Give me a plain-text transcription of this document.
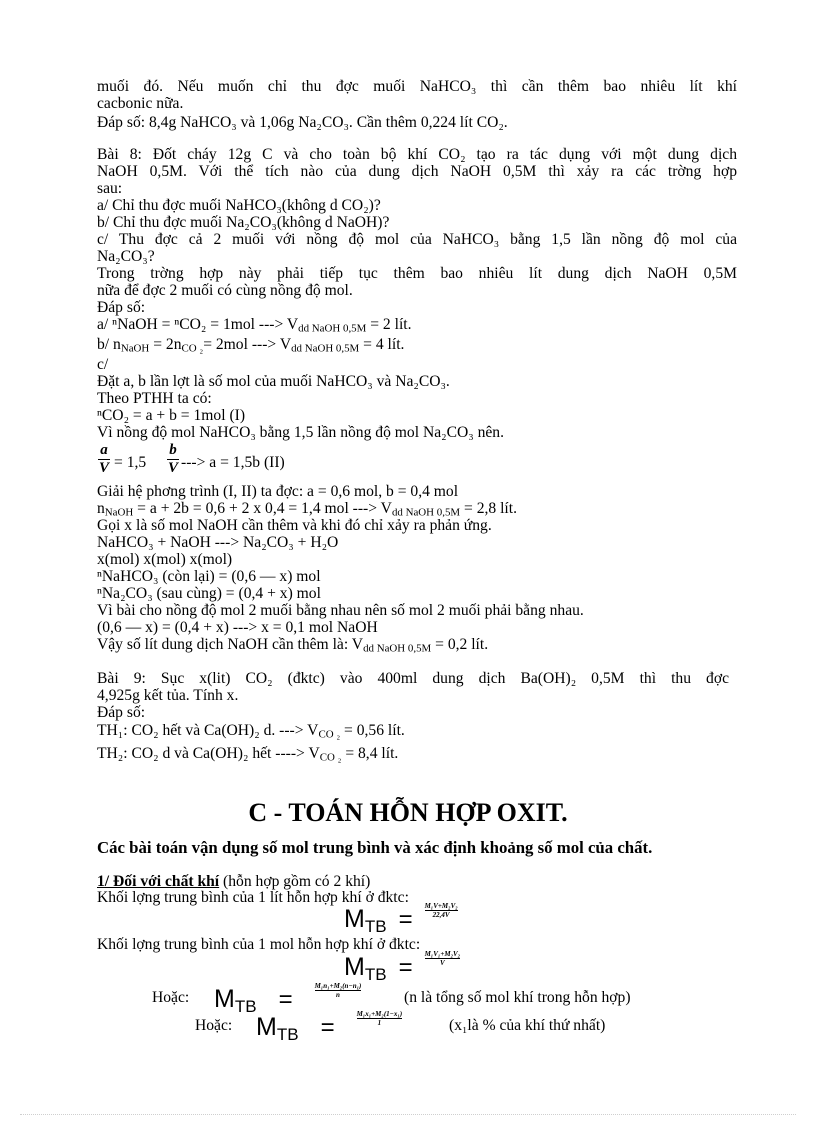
muối đó. Nếu muốn chỉ thu đợc muối NaHCO₃ thì cần thêm bao nhiêu lít khí
cacbonic nữa.
Đáp số: 8,4g NaHCO₃ và 1,06g Na₂CO₃. Cần thêm 0,224 lít CO₂.
Bài 8: Đốt cháy 12g C và cho toàn bộ khí CO₂ tạo ra tác dụng với một dung dịch
NaOH 0,5M. Với thể tích nào của dung dịch NaOH 0,5M thì xảy ra các trờng hợp
sau:
a/ Chỉ thu đợc muối NaHCO₃(không d CO₂)?
b/ Chỉ thu đợc muối Na₂CO₃(không d NaOH)?
c/ Thu đợc cả 2 muối với nồng độ mol của NaHCO₃ bằng 1,5 lần nồng độ mol của
Na₂CO₃?
Trong trờng hợp này phải tiếp tục thêm bao nhiêu lít dung dịch NaOH 0,5M
nữa để đợc 2 muối có cùng nồng độ mol.
Đáp số:
a/ ⁿNaOH = ⁿCO₂ = 1mol ---> $V_{dd NaOH 0,5M} = 2$ lít.
b/ $n_{NaOH} = 2n_{CO _2}= 2mol$ ---> $V_{dd NaOH 0,5M} = 4$ lít.
c/
Đặt a, b lần lợt là số mol của muối NaHCO₃ và Na₂CO₃.
Theo PTHH ta có:
ⁿCO₂ = a + b = 1mol (I)
Vì nồng độ mol NaHCO₃ bằng 1,5 lần nồng độ mol Na₂CO₃ nên.
a
V = 1,5
b
V ---> a = 1,5b (II)
Giải hệ phơng trình (I, II) ta đợc: a = 0,6 mol, b = 0,4 mol
$n_{NaOH} = a + 2b = 0,6 + 2$ x 0,4 = 1,4 mol ---> $V_{dd NaOH 0,5M} = 2,8$ lít.
Gọi x là số mol NaOH cần thêm và khi đó chỉ xảy ra phản ứng.
NaHCO₃ + NaOH ---> Na₂CO₃ + H₂O
x(mol) x(mol) x(mol)
ⁿNaHCO₃ (còn lại) = (0,6 — x) mol
ⁿNa₂CO₃ (sau cùng) = (0,4 + x) mol
Vì bài cho nồng độ mol 2 muối bằng nhau nên số mol 2 muối phải bằng nhau.
(0,6 — x) = (0,4 + x) ---> x = 0,1 mol NaOH
Vậy số lít dung dịch NaOH cần thêm là: $V_{dd NaOH 0,5M} = 0,2$ lít.
Bài 9: Sục x(lit) CO₂ (đktc) vào 400ml dung dịch Ba(OH)₂ 0,5M thì thu đợc
4,925g kết tủa. Tính x.
Đáp số:
TH₁: CO₂ hết và Ca(OH)₂ d. ---> $V_{CO _2} = 0,56$ lít.
TH₂: CO₂ d và Ca(OH)₂ hết ----> $V_{CO _2} = 8,4$ lít.
C - TOÁN HỖN HỢP OXIT.
Các bài toán vận dụng số mol trung bình và xác định khoảng số mol của chất.
1/ Đối với chất khí (hỗn hợp gồm có 2 khí)
Khối lợng trung bình của 1 lít hỗn hợp khí ở đktc:
$M_{TB} = \frac{\text{M₁V+M₂V₂}}{22,4V}$
Khối lợng trung bình của 1 mol hỗn hợp khí ở đktc:
$M_{TB} = \frac{\text{M₁V₁+M₂V₂}}{V}$
Hoặc: $M_{TB}$ =	$\frac{\text{M₁n₁+M₂(n−n₁)}}{n}$	(n là tổng số mol khí trong hỗn hợp)
Hoặc: $M_{TB}$ =	$\frac{\text{M₁x₁+M₂(1−x₁)}}{1}$	(x₁là % của khí thứ nhất)
